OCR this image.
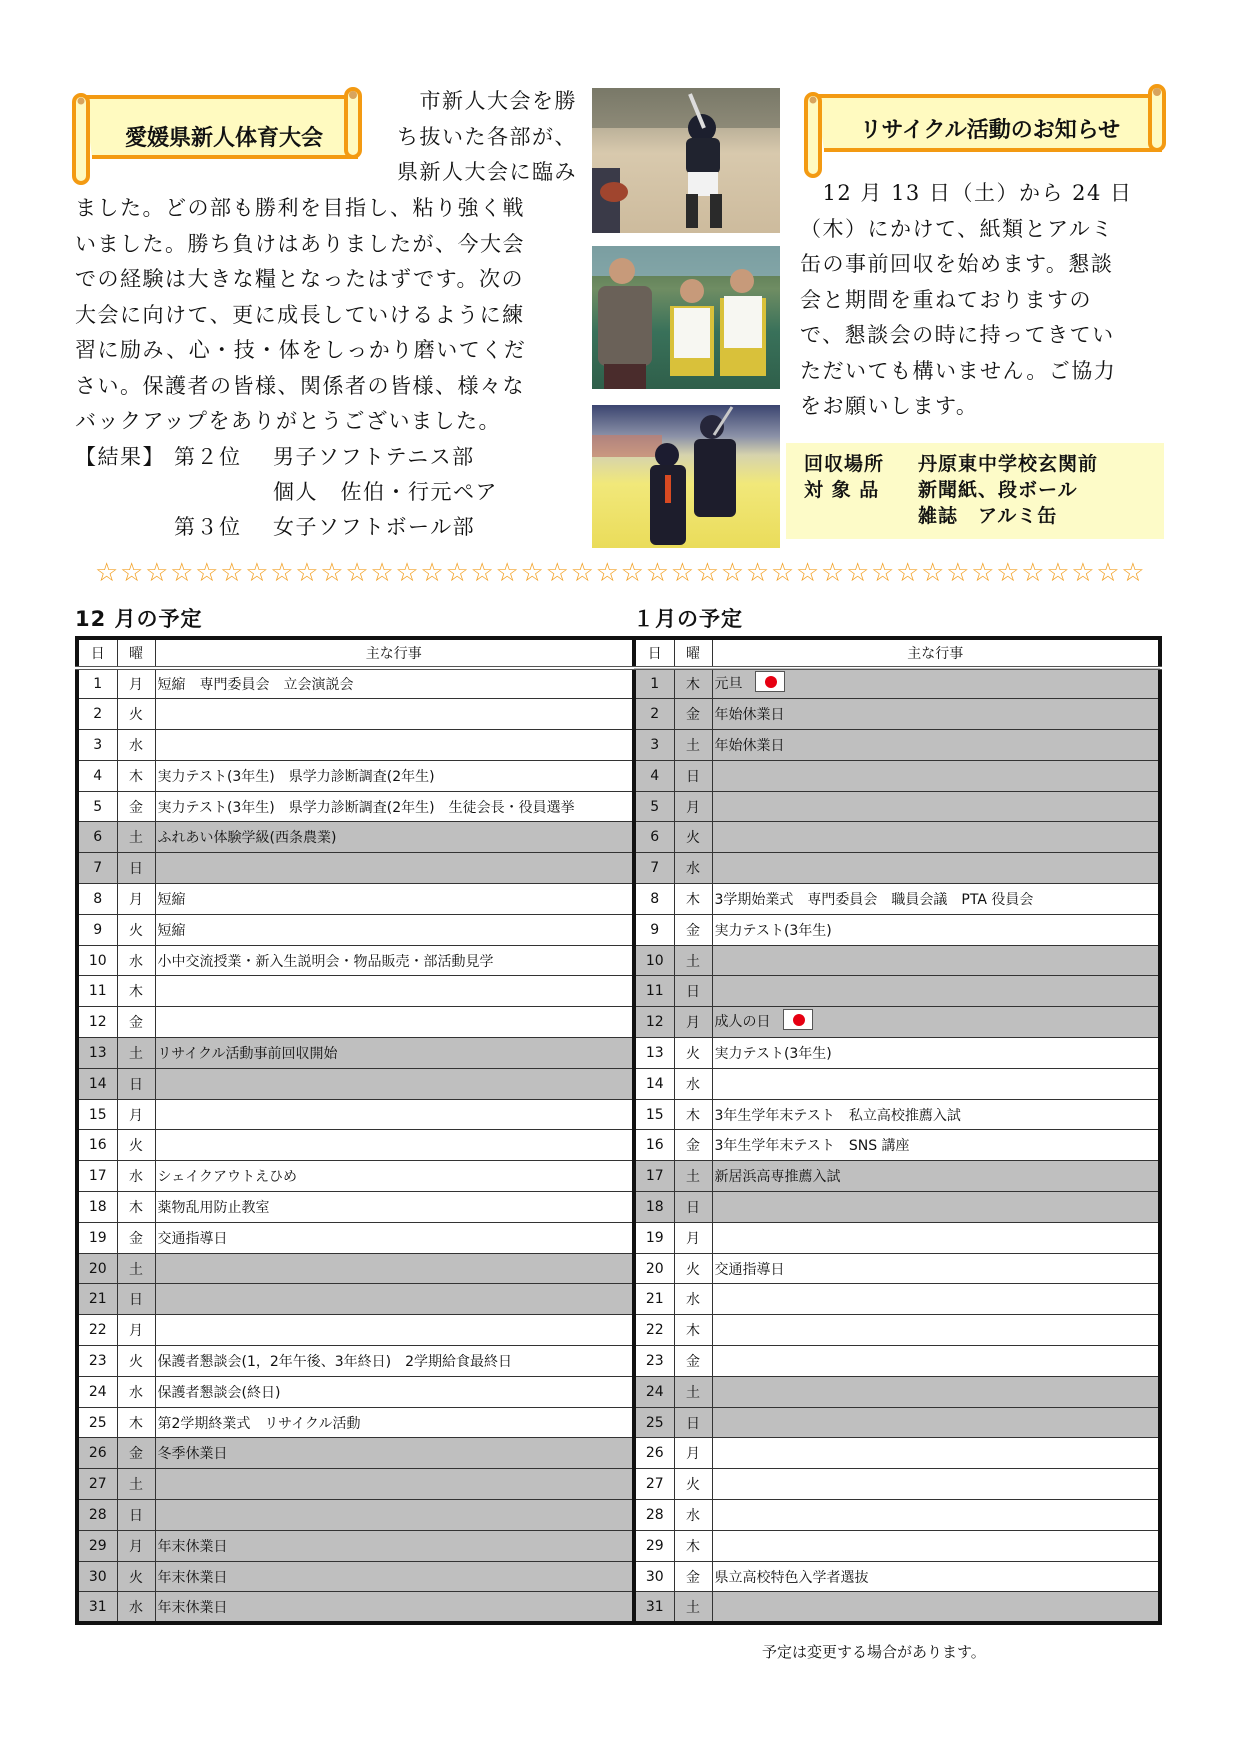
愛媛県新人体育大会
市新人大会を勝
ち抜いた各部が、
県新人大会に臨み
ました。どの部も勝利を目指し、粘り強く戦
いました。勝ち負けはありましたが、今大会
での経験は大きな糧となったはずです。次の
大会に向けて、更に成長していけるように練
習に励み、心・技・体をしっかり磨いてくだ
さい。保護者の皆様、関係者の皆様、様々な
バックアップをありがとうございました。
【結果】 第２位 男子ソフトテニス部
個人　佐伯・行元ペア
第３位 女子ソフトボール部
リサイクル活動のお知らせ
　12 月 13 日（土）から 24 日
（木）にかけて、紙類とアルミ
缶の事前回収を始めます。懇談
会と期間を重ねておりますの
で、懇談会の時に持ってきてい
ただいても構いません。ご協力
をお願いします。
回収場所	丹原東中学校玄関前
対 象 品	新聞紙、段ボール
雑誌　アルミ缶
☆ ☆ ☆ ☆ ☆ ☆ ☆ ☆ ☆ ☆ ☆ ☆ ☆ ☆ ☆ ☆ ☆ ☆ ☆ ☆ ☆ ☆ ☆ ☆ ☆ ☆ ☆ ☆ ☆ ☆ ☆ ☆ ☆ ☆ ☆ ☆ ☆ ☆ ☆ ☆ ☆ ☆
12 月の予定	１月の予定
日	曜	主な行事
1	月	短縮　専門委員会　立会演説会
2	火	
3	水	
4	木	実力テスト(3年生)　県学力診断調査(2年生)
5	金	実力テスト(3年生)　県学力診断調査(2年生)　生徒会長・役員選挙
6	土	ふれあい体験学級(西条農業)
7	日	
8	月	短縮
9	火	短縮
10	水	小中交流授業・新入生説明会・物品販売・部活動見学
11	木	
12	金	
13	土	リサイクル活動事前回収開始
14	日	
15	月	
16	火	
17	水	シェイクアウトえひめ
18	木	薬物乱用防止教室
19	金	交通指導日
20	土	
21	日	
22	月	
23	火	保護者懇談会(1，2年午後、3年終日)　2学期給食最終日
24	水	保護者懇談会(終日)
25	木	第2学期終業式　リサイクル活動
26	金	冬季休業日
27	土	
28	日	
29	月	年末休業日
30	火	年末休業日
31	水	年末休業日
日	曜	主な行事
1	木	元旦
2	金	年始休業日
3	土	年始休業日
4	日	
5	月	
6	火	
7	水	
8	木	3学期始業式　専門委員会　職員会議　PTA 役員会
9	金	実力テスト(3年生)
10	土	
11	日	
12	月	成人の日
13	火	実力テスト(3年生)
14	水	
15	木	3年生学年末テスト　私立高校推薦入試
16	金	3年生学年末テスト　SNS 講座
17	土	新居浜高専推薦入試
18	日	
19	月	
20	火	交通指導日
21	水	
22	木	
23	金	
24	土	
25	日	
26	月	
27	火	
28	水	
29	木	
30	金	県立高校特色入学者選抜
31	土	
予定は変更する場合があります。
